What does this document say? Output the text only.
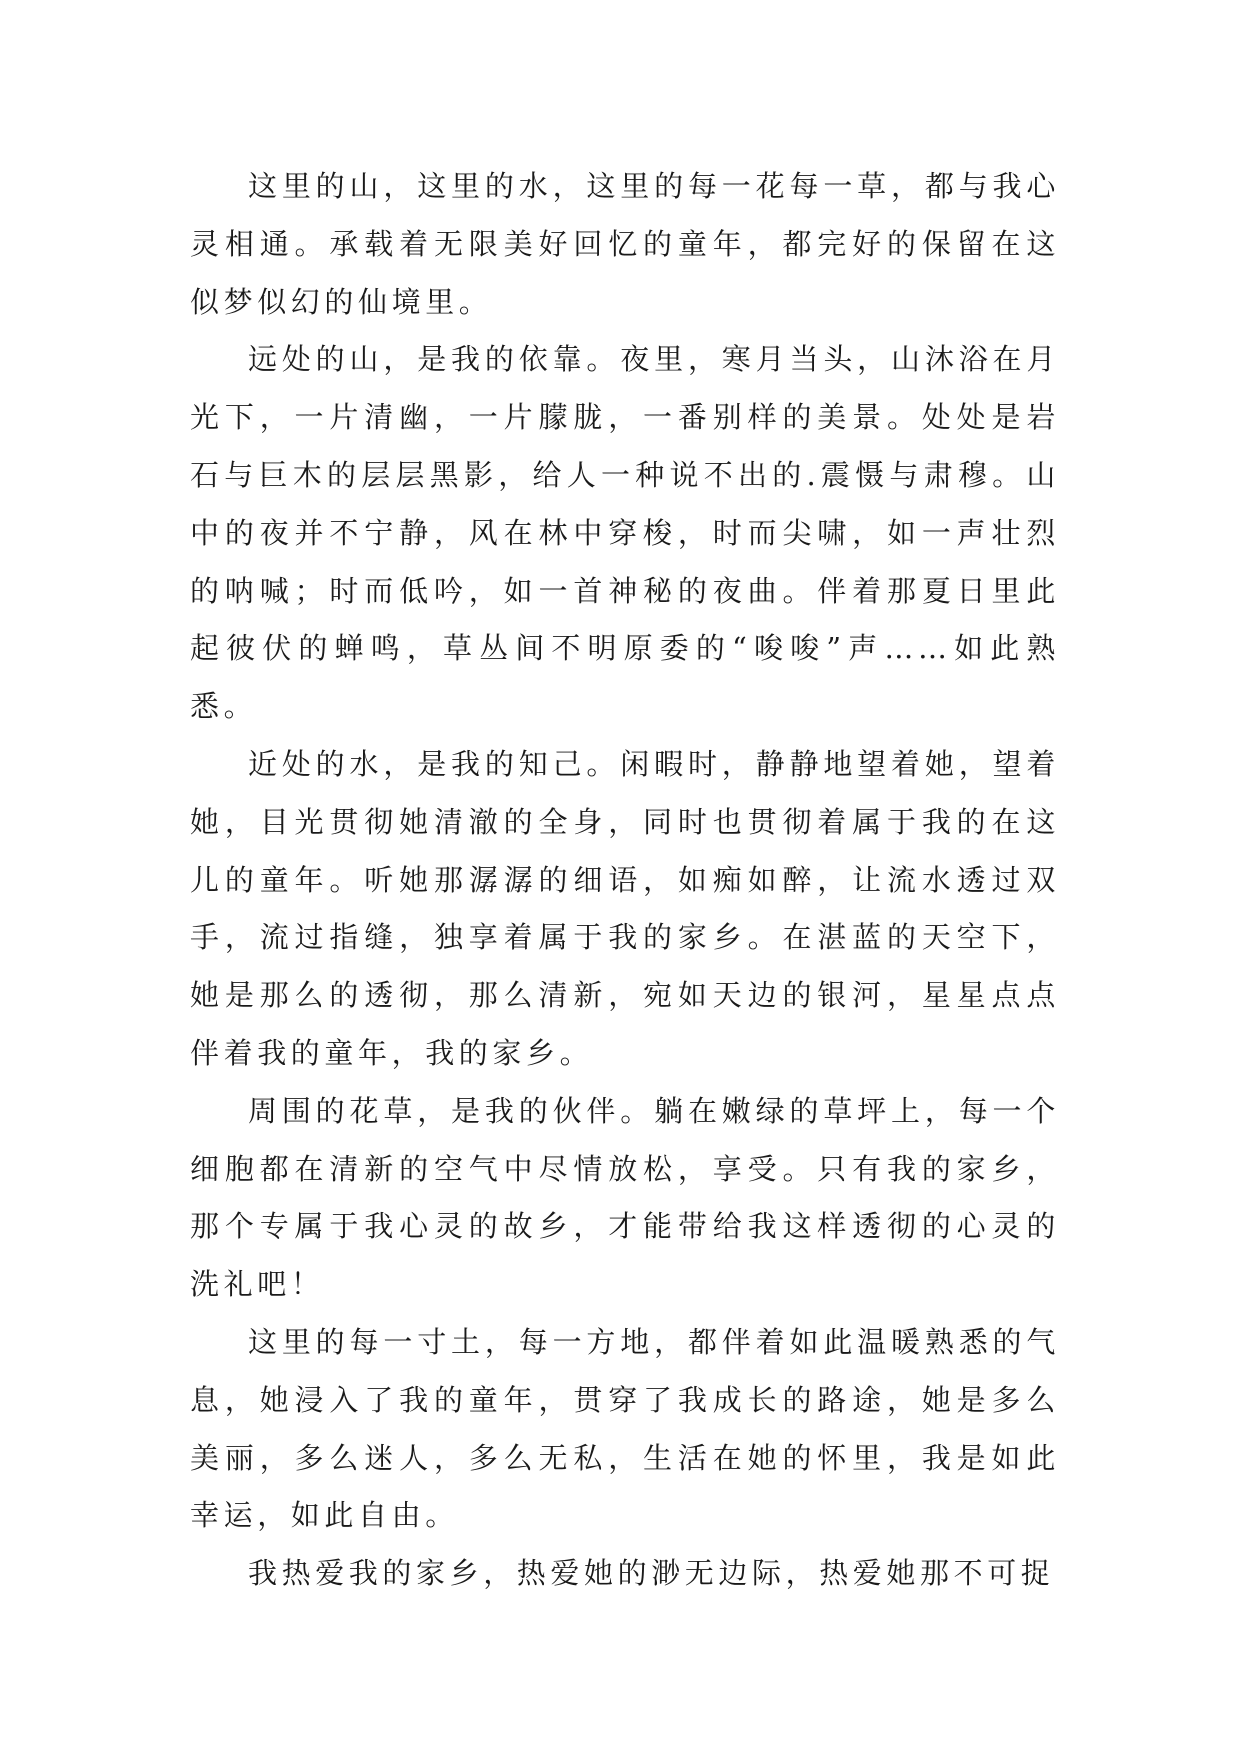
这里的山，这里的水，这里的每一花每一草，都与我心灵相通。承载着无限美好回忆的童年，都完好的保留在这似梦似幻的仙境里。

远处的山，是我的依靠。夜里，寒月当头，山沐浴在月光下，一片清幽，一片朦胧，一番别样的美景。处处是岩石与巨木的层层黑影，给人一种说不出的.震慑与肃穆。山中的夜并不宁静，风在林中穿梭，时而尖啸，如一声壮烈的呐喊；时而低吟，如一首神秘的夜曲。伴着那夏日里此起彼伏的蝉鸣，草丛间不明原委的“唆唆”声……如此熟悉。

近处的水，是我的知己。闲暇时，静静地望着她，望着她，目光贯彻她清澈的全身，同时也贯彻着属于我的在这儿的童年。听她那潺潺的细语，如痴如醉，让流水透过双手，流过指缝，独享着属于我的家乡。在湛蓝的天空下，她是那么的透彻，那么清新，宛如天边的银河，星星点点伴着我的童年，我的家乡。

周围的花草，是我的伙伴。躺在嫩绿的草坪上，每一个细胞都在清新的空气中尽情放松，享受。只有我的家乡，那个专属于我心灵的故乡，才能带给我这样透彻的心灵的洗礼吧！

这里的每一寸土，每一方地，都伴着如此温暖熟悉的气息，她浸入了我的童年，贯穿了我成长的路途，她是多么美丽，多么迷人，多么无私，生活在她的怀里，我是如此幸运，如此自由。

我热爱我的家乡，热爱她的渺无边际，热爱她那不可捉
